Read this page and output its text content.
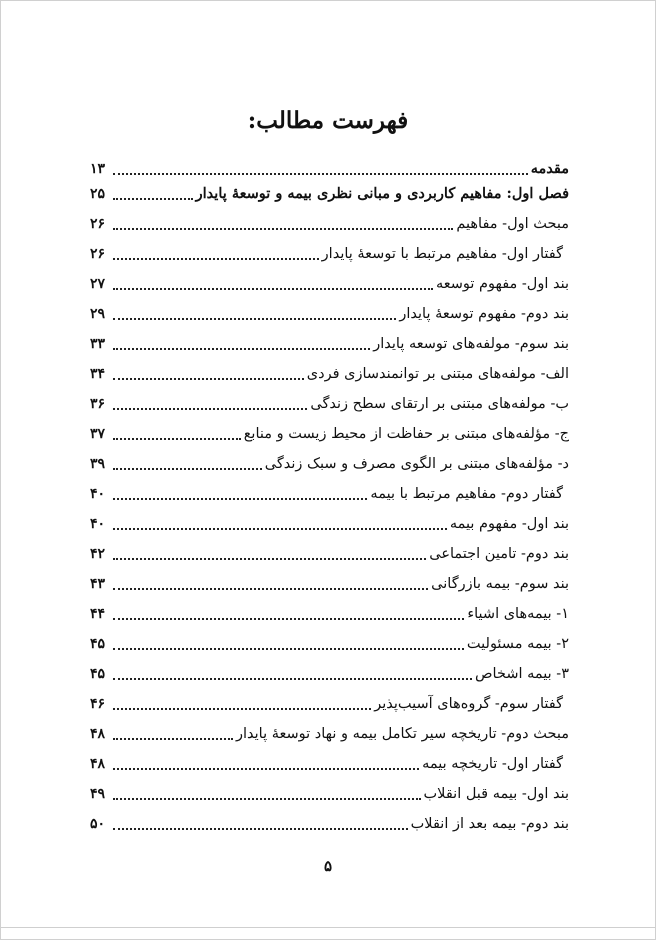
فهرست مطالب:
مقدمه
۱۳
فصل اول: مفاهیم کاربردی و مبانی نظری بیمه و توسعۀ پایدار
۲۵
مبحث اول- مفاهیم
۲۶
گفتار اول- مفاهیم مرتبط با توسعۀ پایدار
۲۶
بند اول- مفهوم توسعه
۲۷
بند دوم- مفهوم توسعۀ پایدار
۲۹
بند سوم- مولفه‌های توسعه پایدار
۳۳
الف- مولفه‌های مبتنی بر توانمندسازی فردی
۳۴
ب- مولفه‌های مبتنی بر ارتقای سطح زندگی
۳۶
ج- مؤلفه‌های مبتنی بر حفاظت از محیط زیست و منابع
۳۷
د- مؤلفه‌های مبتنی بر الگوی مصرف و سبک زندگی
۳۹
گفتار دوم- مفاهیم مرتبط با بیمه
۴۰
بند اول- مفهوم بیمه
۴۰
بند دوم- تامین اجتماعی
۴۲
بند سوم- بیمه بازرگانی
۴۳
۱- بیمه‌های اشیاء
۴۴
۲- بیمه مسئولیت
۴۵
۳- بیمه اشخاص
۴۵
گفتار سوم- گروه‌های آسیب‌پذیر
۴۶
مبحث دوم- تاریخچه سیر تکامل بیمه و نهاد توسعۀ پایدار
۴۸
گفتار اول- تاریخچه بیمه
۴۸
بند اول- بیمه قبل انقلاب
۴۹
بند دوم- بیمه بعد از انقلاب
۵۰
۵
